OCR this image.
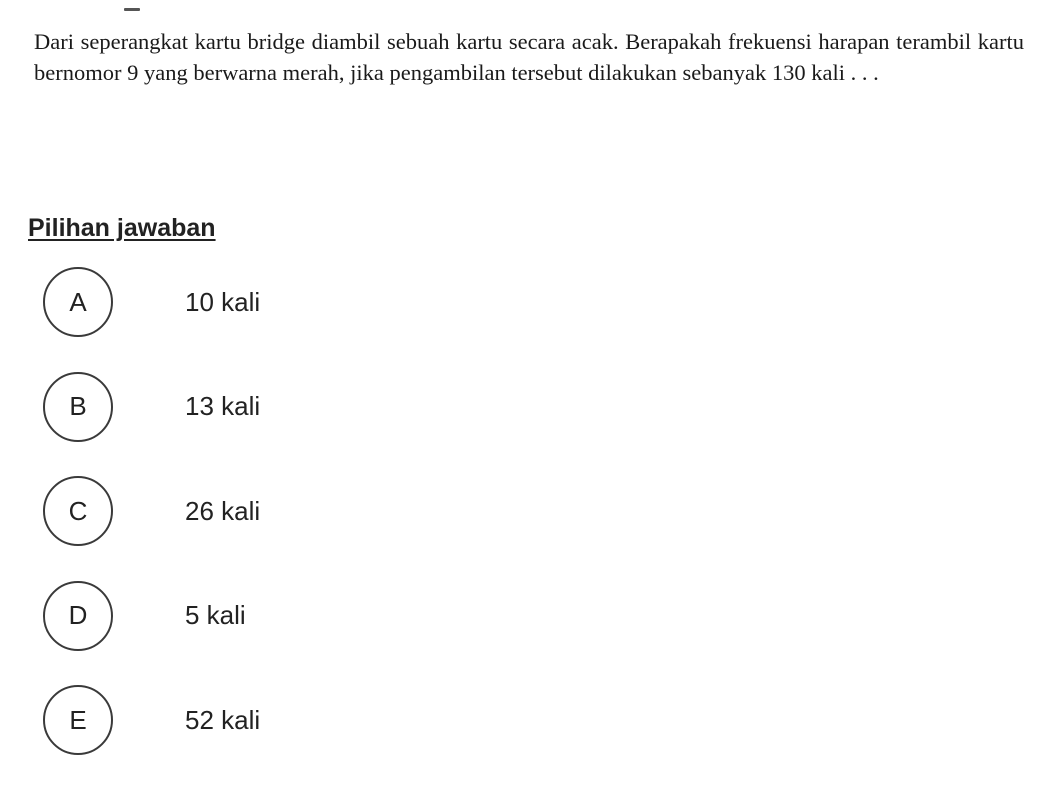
Dari seperangkat kartu bridge diambil sebuah kartu secara acak. Berapakah frekuensi harapan terambil kartu bernomor 9 yang berwarna merah, jika pengambilan tersebut dilakukan sebanyak 130 kali . . .

Pilihan jawaban
A	10 kali
B	13 kali
C	26 kali
D	5 kali
E	52 kali
